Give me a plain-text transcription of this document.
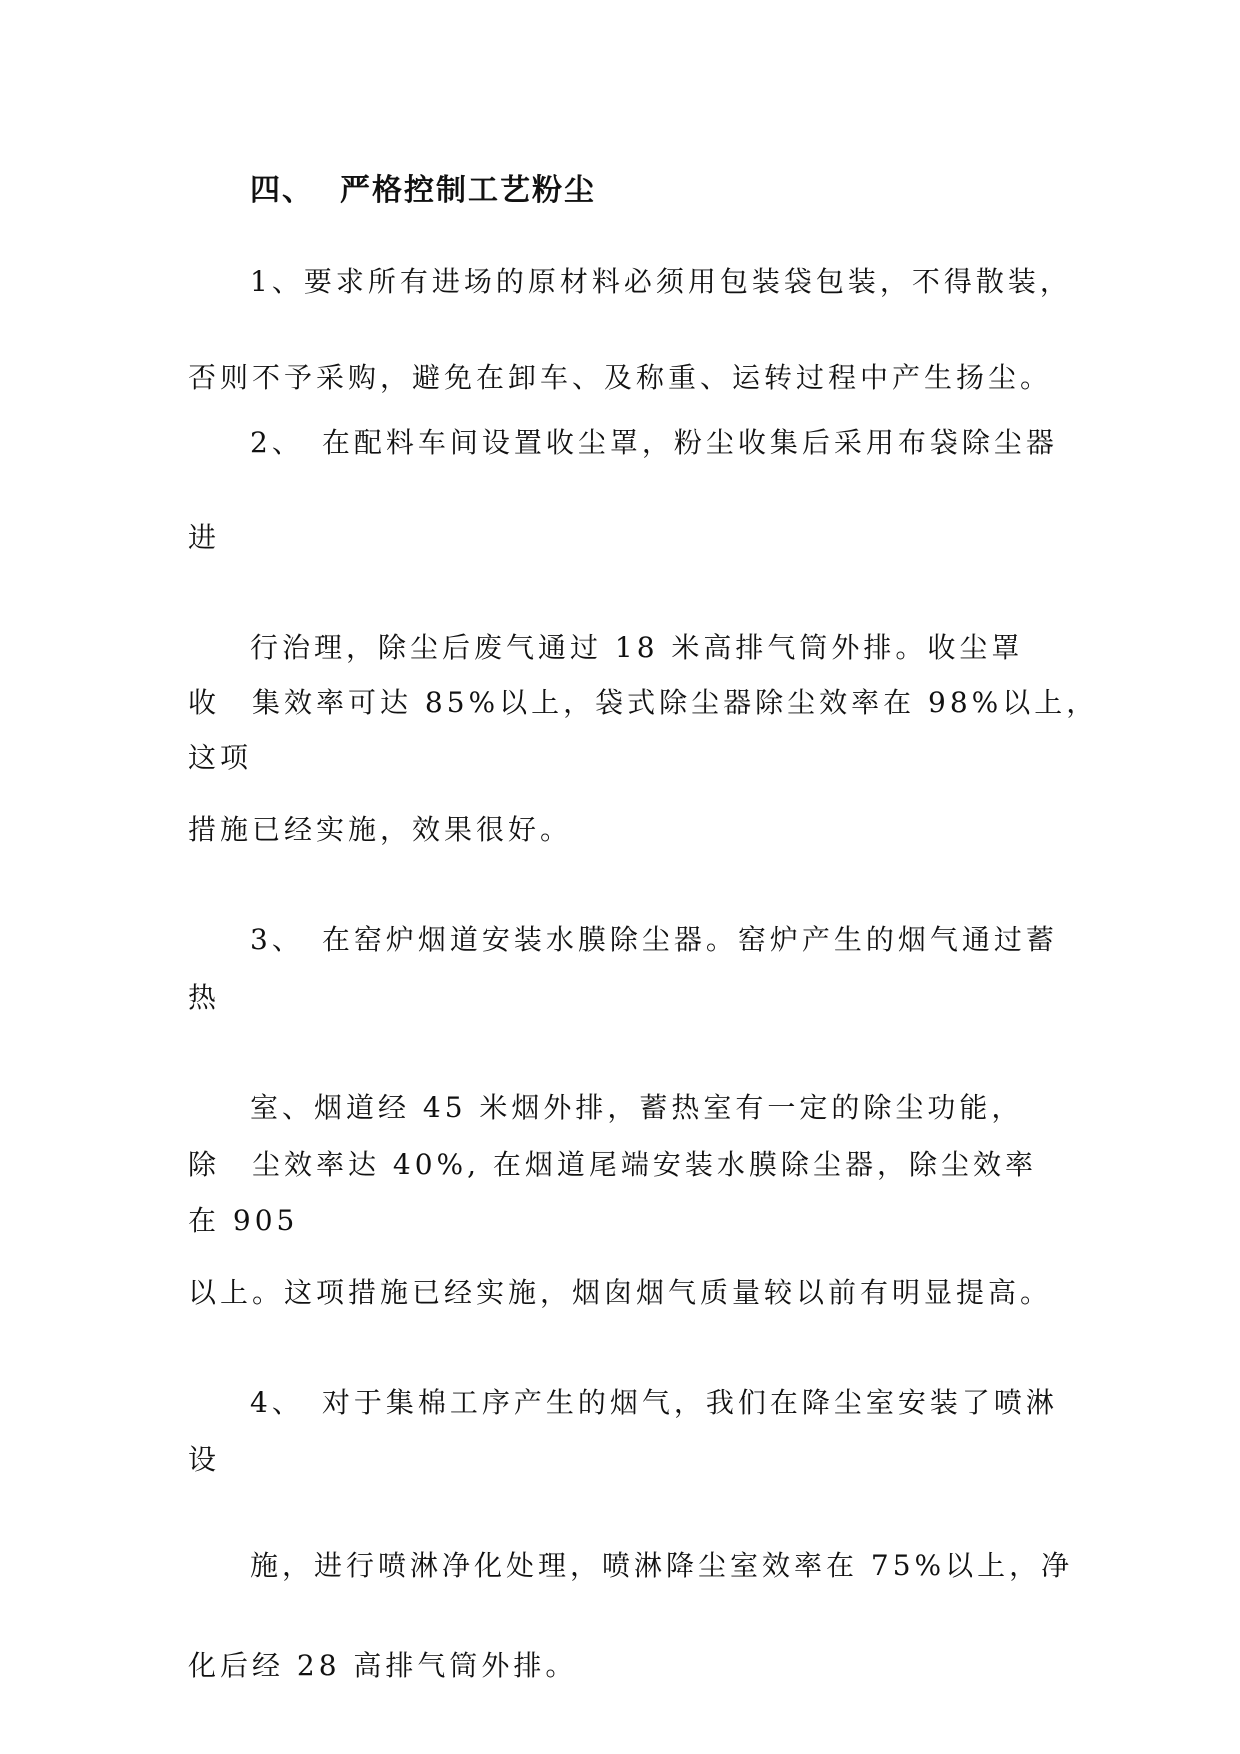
四、 严格控制工艺粉尘
1、要求所有进场的原材料必须用包装袋包装，不得散装，
否则不予采购，避免在卸车、及称重、运转过程中产生扬尘。
2、　在配料车间设置收尘罩，粉尘收集后采用布袋除尘器
进
行治理，除尘后废气通过 18 米高排气筒外排。收尘罩
收　集效率可达 85%以上，袋式除尘器除尘效率在 98%以上，
这项
措施已经实施，效果很好。
3、　在窑炉烟道安装水膜除尘器。窑炉产生的烟气通过蓄
热
室、烟道经 45 米烟外排，蓄热室有一定的除尘功能，
除　尘效率达 40%, 在烟道尾端安装水膜除尘器，除尘效率
在 905
以上。这项措施已经实施，烟囱烟气质量较以前有明显提高。
4、　对于集棉工序产生的烟气，我们在降尘室安装了喷淋
设
施，进行喷淋净化处理，喷淋降尘室效率在 75%以上，净
化后经 28 高排气筒外排。
